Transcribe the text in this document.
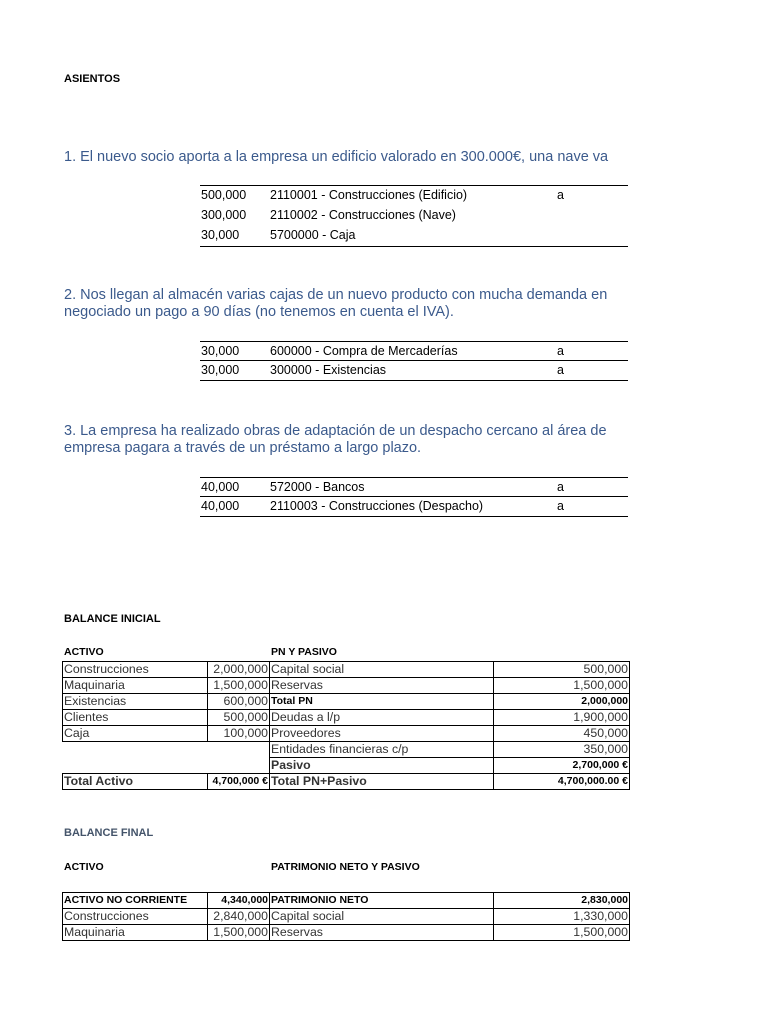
ASIENTOS
1. El nuevo socio aporta a la empresa un edificio valorado en 300.000€, una nave va
500,000 2110001 - Construcciones (Edificio)	a
300,000 2110002 - Construcciones (Nave)
30,000 5700000 - Caja
2. Nos llegan al almacén varias cajas de un nuevo producto con mucha demanda en
negociado un pago a 90 días (no tenemos en cuenta el IVA).
30,000 600000 - Compra de Mercaderías	a
30,000 300000 - Existencias	a
3. La empresa ha realizado obras de adaptación de un despacho cercano al área de
empresa pagara a través de un préstamo a largo plazo.
40,000 572000 - Bancos	a
40,000 2110003 - Construcciones (Despacho)	a
BALANCE INICIAL
ACTIVO	PN Y PASIVO
Construcciones	2,000,000	Capital social	500,000
Maquinaria	1,500,000	Reservas	1,500,000
Existencias	600,000	Total PN	2,000,000
Clientes	500,000	Deudas a l/p	1,900,000
Caja	100,000	Proveedores	450,000
		Entidades financieras c/p	350,000
		Pasivo	2,700,000 €
Total Activo	4,700,000 €	Total PN+Pasivo	4,700,000.00 €
BALANCE FINAL
ACTIVO	PATRIMONIO NETO Y PASIVO
ACTIVO NO CORRIENTE	4,340,000	PATRIMONIO NETO	2,830,000
Construcciones	2,840,000	Capital social	1,330,000
Maquinaria	1,500,000	Reservas	1,500,000
